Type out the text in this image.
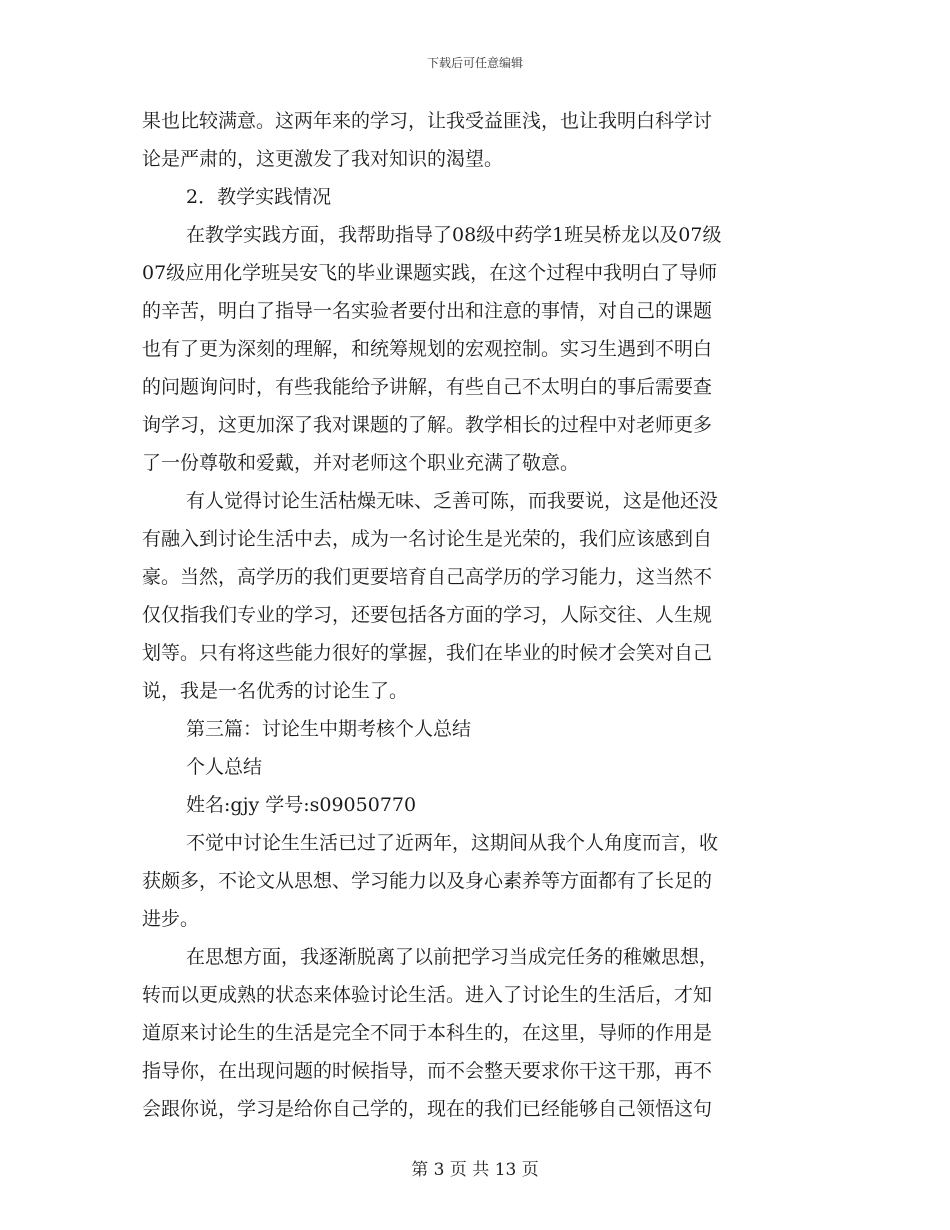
下载后可任意编辑
果也比较满意。这两年来的学习，让我受益匪浅，也让我明白科学讨
论是严肃的，这更激发了我对知识的渴望。
2．教学实践情况
在教学实践方面，我帮助指导了08级中药学1班吴桥龙以及07级
07级应用化学班吴安飞的毕业课题实践，在这个过程中我明白了导师
的辛苦，明白了指导一名实验者要付出和注意的事情，对自己的课题
也有了更为深刻的理解，和统筹规划的宏观控制。实习生遇到不明白
的问题询问时，有些我能给予讲解，有些自己不太明白的事后需要查
询学习，这更加深了我对课题的了解。教学相长的过程中对老师更多
了一份尊敬和爱戴，并对老师这个职业充满了敬意。
有人觉得讨论生活枯燥无味、乏善可陈，而我要说，这是他还没
有融入到讨论生活中去，成为一名讨论生是光荣的，我们应该感到自
豪。当然，高学历的我们更要培育自己高学历的学习能力，这当然不
仅仅指我们专业的学习，还要包括各方面的学习，人际交往、人生规
划等。只有将这些能力很好的掌握，我们在毕业的时候才会笑对自己
说，我是一名优秀的讨论生了。
第三篇：讨论生中期考核个人总结
个人总结
姓名:gjy 学号:s09050770
不觉中讨论生生活已过了近两年，这期间从我个人角度而言，收
获颇多，不论文从思想、学习能力以及身心素养等方面都有了长足的
进步。
在思想方面，我逐渐脱离了以前把学习当成完任务的稚嫩思想，
转而以更成熟的状态来体验讨论生活。进入了讨论生的生活后，才知
道原来讨论生的生活是完全不同于本科生的，在这里，导师的作用是
指导你，在出现问题的时候指导，而不会整天要求你干这干那，再不
会跟你说，学习是给你自己学的，现在的我们已经能够自己领悟这句
第 3 页 共 13 页
